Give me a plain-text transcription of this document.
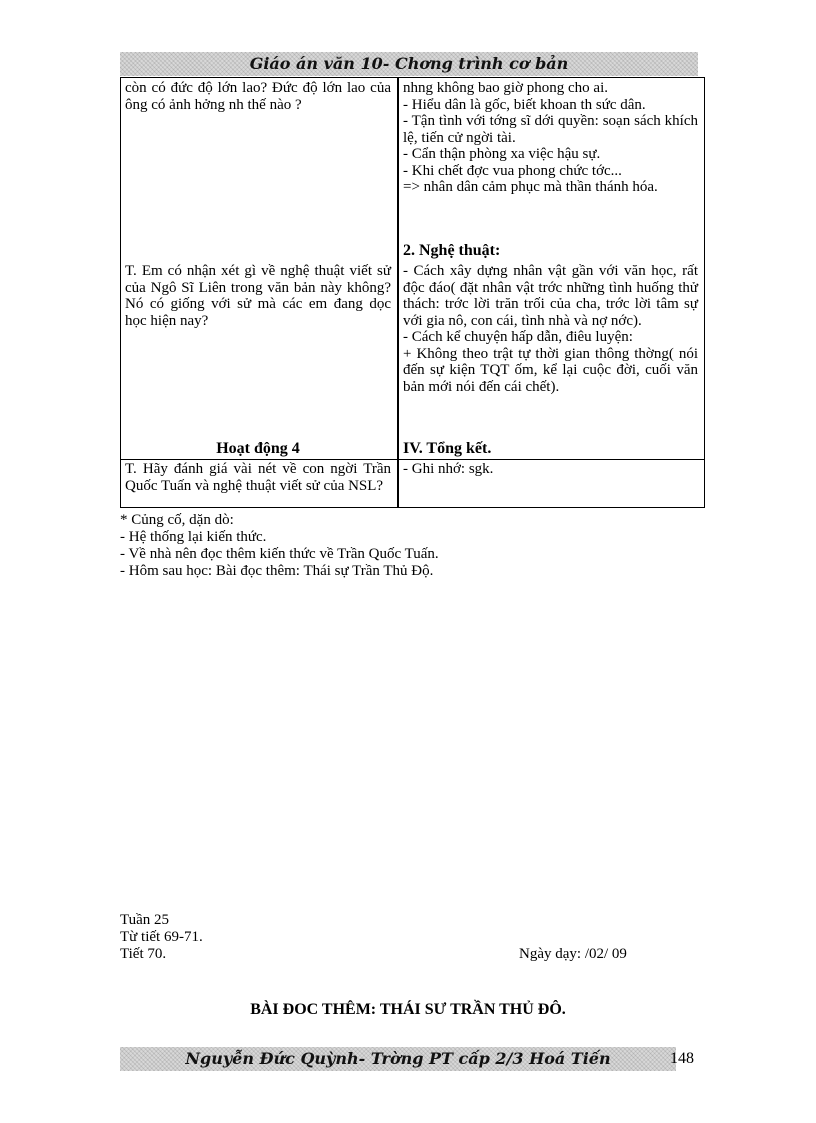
Giáo án văn 10- Chơng trình cơ bản
còn có đức độ lớn lao? Đức độ lớn lao của ông có ảnh hởng nh thế nào ?
T. Em có nhận xét gì về nghệ thuật viết sử của Ngô Sĩ Liên trong văn bản này không? Nó có giống với sử mà các em đang dọc học hiện nay?
Hoạt động 4
T. Hãy đánh giá vài nét về con ngời Trần Quốc Tuấn và nghệ thuật viết sử của NSL?
nhng không bao giờ phong cho ai.
- Hiểu dân là gốc, biết khoan th sức dân.
- Tận tình với tớng sĩ dới quyền: soạn sách khích lệ, tiến cử ngời tài.
- Cẩn thận phòng xa việc hậu sự.
- Khi chết đợc vua phong chức tớc...
=> nhân dân cảm phục mà thần thánh hóa.
2. Nghệ thuật:
- Cách xây dựng nhân vật gần với văn học, rất độc đáo( đặt nhân vật trớc những tình huống thử thách: trớc lời trăn trối của cha, trớc lời tâm sự với gia nô, con cái, tình nhà và nợ nớc).
- Cách kể chuyện hấp dẫn, điêu luyện:
+ Không theo trật tự thời gian thông thờng( nói đến sự kiện TQT ốm, kể lại cuộc đời, cuối văn bản mới nói đến cái chết).
IV. Tổng kết.
- Ghi nhớ: sgk.
* Củng cố, dặn dò:
- Hệ thống lại kiến thức.
- Về nhà nên đọc thêm kiến thức về Trần Quốc Tuấn.
- Hôm sau học: Bài đọc thêm: Thái sự Trần Thủ Độ.
Tuần 25
Từ tiết 69-71.
Tiết 70.	Ngày dạy: /02/ 09
BÀI ĐOC THÊM: THÁI SƯ TRẦN THỦ ĐÔ.
Nguyễn Đức Quỳnh- Trờng PT cấp 2/3 Hoá Tiến	148
